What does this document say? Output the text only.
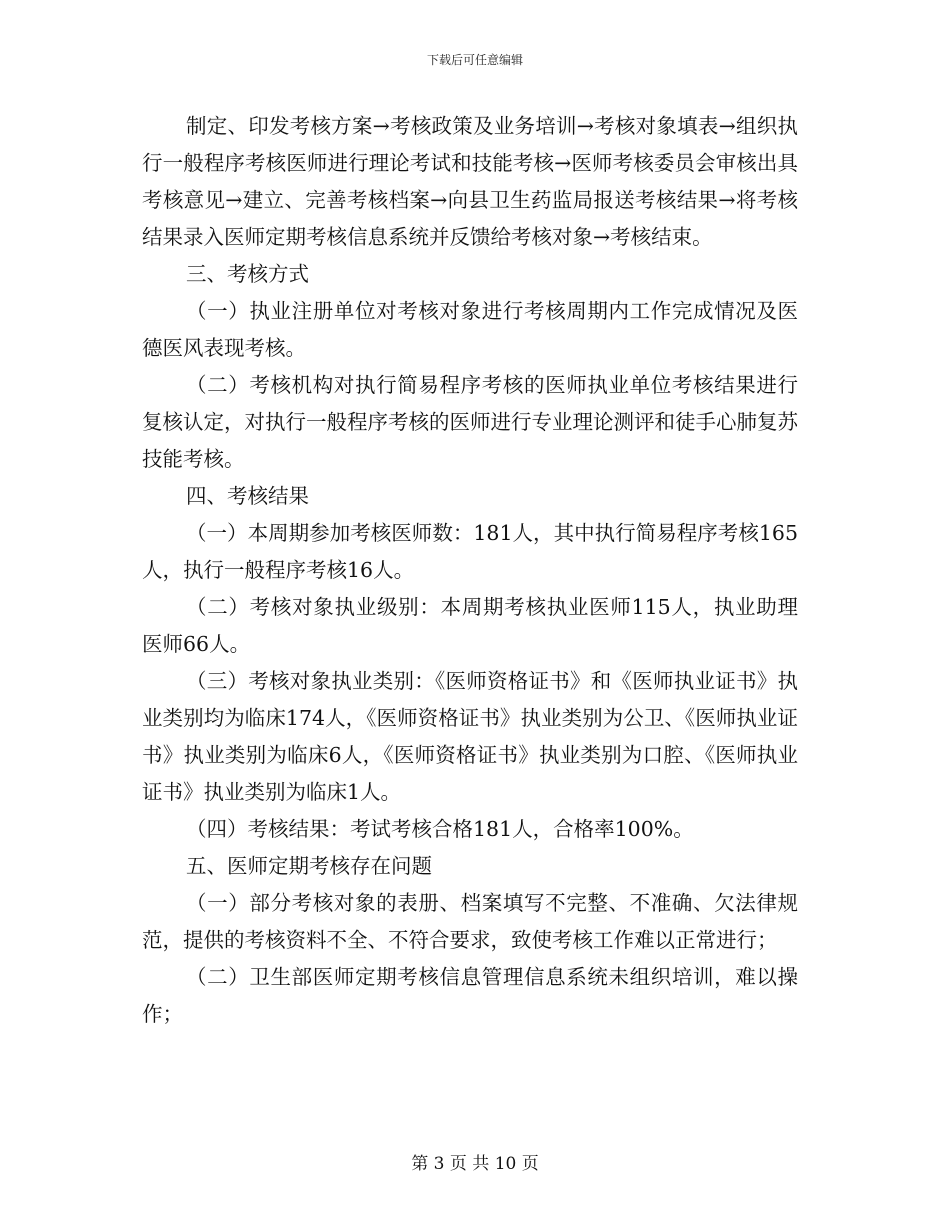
下载后可任意编辑

制定、印发考核方案→考核政策及业务培训→考核对象填表→组织执行一般程序考核医师进行理论考试和技能考核→医师考核委员会审核出具考核意见→建立、完善考核档案→向县卫生药监局报送考核结果→将考核结果录入医师定期考核信息系统并反馈给考核对象→考核结束。

三、考核方式

（一）执业注册单位对考核对象进行考核周期内工作完成情况及医德医风表现考核。

（二）考核机构对执行简易程序考核的医师执业单位考核结果进行复核认定，对执行一般程序考核的医师进行专业理论测评和徒手心肺复苏技能考核。

四、考核结果

（一）本周期参加考核医师数：181人，其中执行简易程序考核165人，执行一般程序考核16人。

（二）考核对象执业级别：本周期考核执业医师115人，执业助理医师66人。

（三）考核对象执业类别：《医师资格证书》和《医师执业证书》执业类别均为临床174人，《医师资格证书》执业类别为公卫、《医师执业证书》执业类别为临床6人，《医师资格证书》执业类别为口腔、《医师执业证书》执业类别为临床1人。

（四）考核结果：考试考核合格181人，合格率100%。

五、医师定期考核存在问题

（一）部分考核对象的表册、档案填写不完整、不准确、欠法律规范，提供的考核资料不全、不符合要求，致使考核工作难以正常进行；

（二）卫生部医师定期考核信息管理信息系统未组织培训，难以操作；

第 3 页 共 10 页
